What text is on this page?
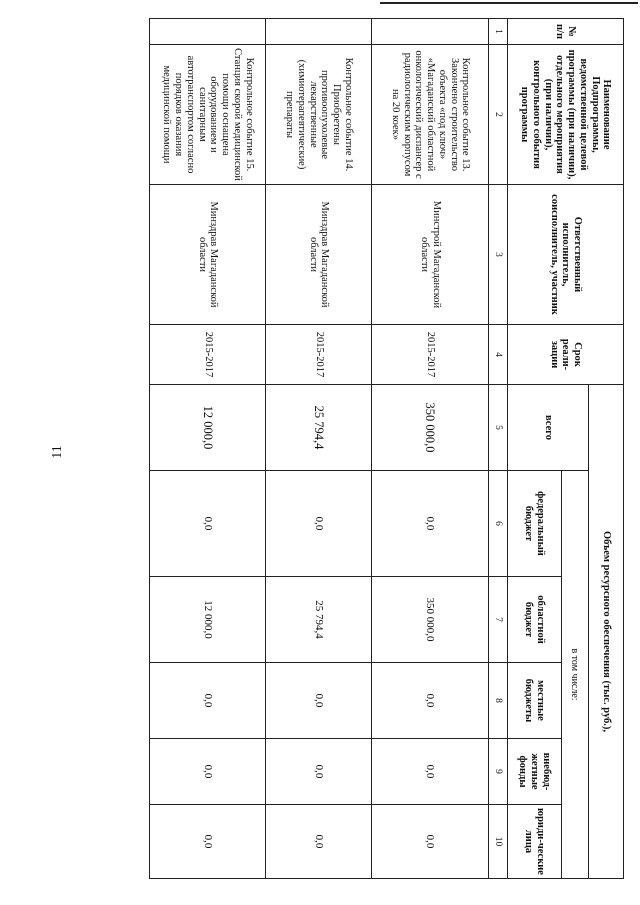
11
№ п/п	Наименование Подпрограммы, ведомственной целевой программы (при наличии), отдельного мероприятия (при наличии), контрольного события программы	Ответственный исполнитель, соисполнитель, участник	Срок реали-зации	Объем ресурсного обеспечения (тыс. руб.),					
				всего	в том числе:				
					федеральный бюджет	областной бюджет	местные бюджеты	внебюд-жетные фонды	юриди-ческие лица
1	2	3	4	5	6	7	8	9	10
	Контрольное событие 13. Закончено строительство объекта «под ключ» «Магаданский областной онкологический диспансер с радиологическим корпусом на 20 коек»	Минстрой Магаданской области	2015-2017	350 000,0	0,0	350 000,0	0,0	0,0	0,0
	Контрольное событие 14. Приобретены противоопухолевые лекарственные (химиотерапевтические) препараты	Минздрав Магаданской области	2015-2017	25 794,4	0,0	25 794,4	0,0	0,0	0,0
	Контрольное событие 15. Станция скорой медицинской помощи оснащена оборудованием и санитарным автотранспортом согласно порядков оказания медицинской помощи	Минздрав Магаданской области	2015-2017	12 000,0	0,0	12 000,0	0,0	0,0	0,0
